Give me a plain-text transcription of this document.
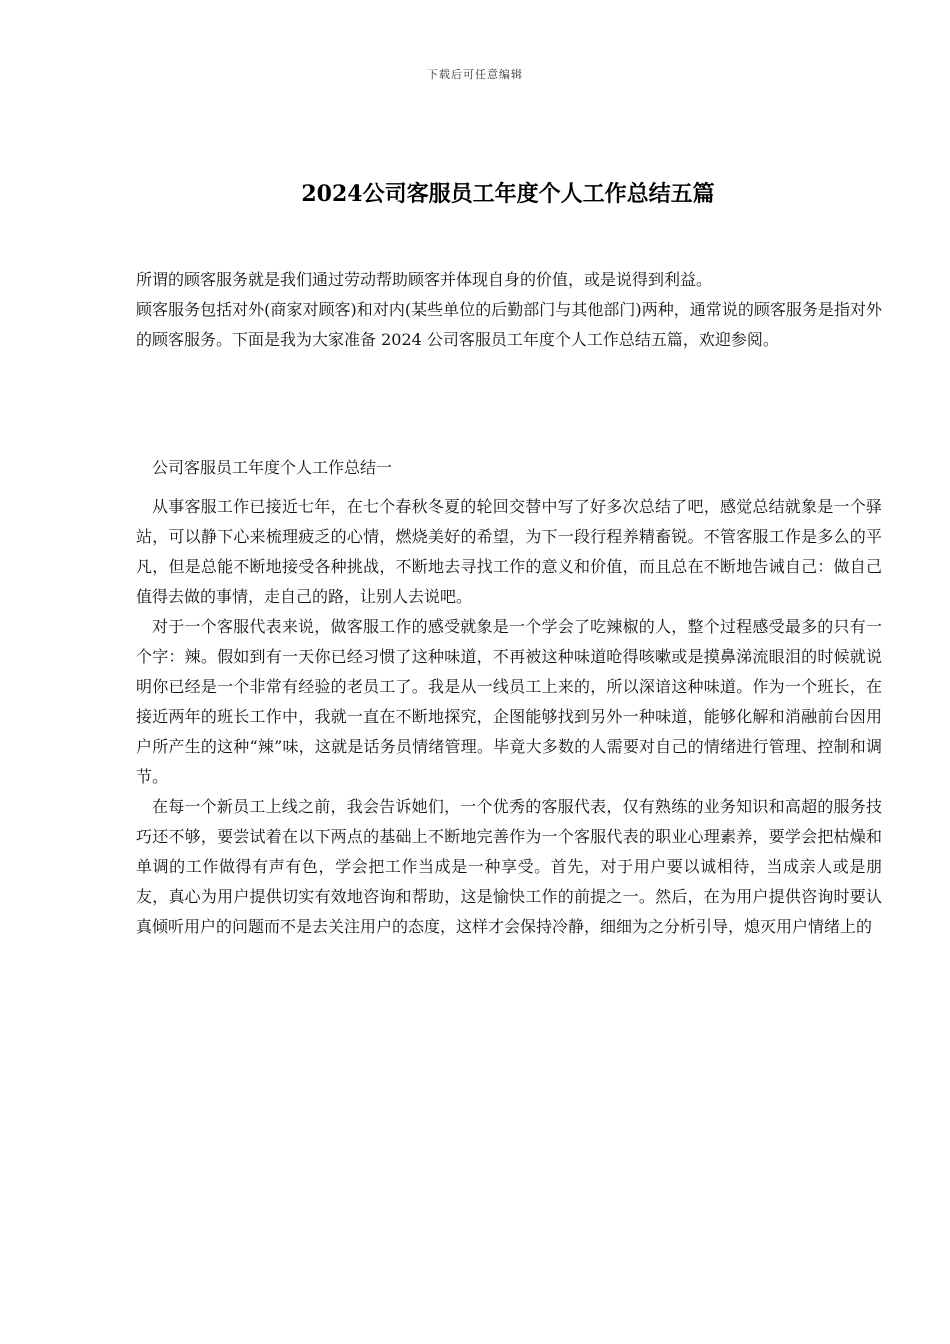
下载后可任意编辑
2024公司客服员工年度个人工作总结五篇

所谓的顾客服务就是我们通过劳动帮助顾客并体现自身的价值，或是说得到利益。

顾客服务包括对外(商家对顾客)和对内(某些单位的后勤部门与其他部门)两种，通常说的顾客服务是指对外的顾客服务。下面是我为大家准备 2024 公司客服员工年度个人工作总结五篇，欢迎参阅。

公司客服员工年度个人工作总结一

从事客服工作已接近七年，在七个春秋冬夏的轮回交替中写了好多次总结了吧，感觉总结就象是一个驿站，可以静下心来梳理疲乏的心情，燃烧美好的希望，为下一段行程养精畜锐。不管客服工作是多么的平凡，但是总能不断地接受各种挑战，不断地去寻找工作的意义和价值，而且总在不断地告诫自己：做自己值得去做的事情，走自己的路，让别人去说吧。

对于一个客服代表来说，做客服工作的感受就象是一个学会了吃辣椒的人，整个过程感受最多的只有一个字：辣。假如到有一天你已经习惯了这种味道，不再被这种味道呛得咳嗽或是摸鼻涕流眼泪的时候就说明你已经是一个非常有经验的老员工了。我是从一线员工上来的，所以深谙这种味道。作为一个班长，在接近两年的班长工作中，我就一直在不断地探究，企图能够找到另外一种味道，能够化解和消融前台因用户所产生的这种“辣”味，这就是话务员情绪管理。毕竟大多数的人需要对自己的情绪进行管理、控制和调节。

在每一个新员工上线之前，我会告诉她们，一个优秀的客服代表，仅有熟练的业务知识和高超的服务技巧还不够，要尝试着在以下两点的基础上不断地完善作为一个客服代表的职业心理素养，要学会把枯燥和单调的工作做得有声有色，学会把工作当成是一种享受。首先，对于用户要以诚相待，当成亲人或是朋友，真心为用户提供切实有效地咨询和帮助，这是愉快工作的前提之一。然后，在为用户提供咨询时要认真倾听用户的问题而不是去关注用户的态度，这样才会保持冷静，细细为之分析引导，熄灭用户情绪上的
